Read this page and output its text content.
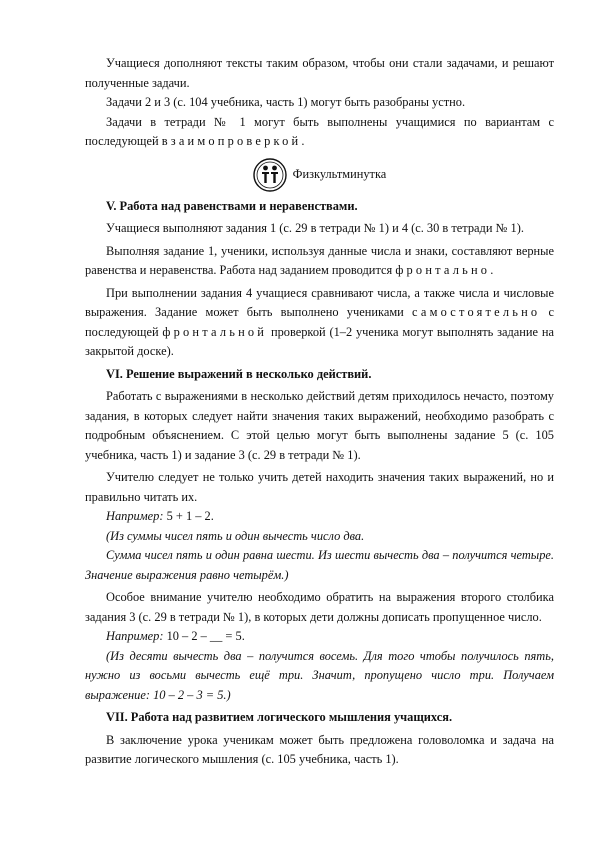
Учащиеся дополняют тексты таким образом, чтобы они стали задачами, и решают полученные задачи.

Задачи 2 и 3 (с. 104 учебника, часть 1) могут быть разобраны устно.

Задачи в тетради № 1 могут быть выполнены учащимися по вариантам с последующей взаимопроверкой.

Физкультминутка

V. Работа над равенствами и неравенствами.

Учащиеся выполняют задания 1 (с. 29 в тетради № 1) и 4 (с. 30 в тетради № 1).

Выполняя задание 1, ученики, используя данные числа и знаки, составляют верные равенства и неравенства. Работа над заданием проводится фронтально.

При выполнении задания 4 учащиеся сравнивают числа, а также числа и числовые выражения. Задание может быть выполнено учениками самостоятельно с последующей фронтальной проверкой (1–2 ученика могут выполнять задание на закрытой доске).

VI. Решение выражений в несколько действий.

Работать с выражениями в несколько действий детям приходилось нечасто, поэтому задания, в которых следует найти значения таких выражений, необходимо разобрать с подробным объяснением. С этой целью могут быть выполнены задание 5 (с. 105 учебника, часть 1) и задание 3 (с. 29 в тетради № 1).

Учителю следует не только учить детей находить значения таких выражений, но и правильно читать их.

Например: 5 + 1 – 2.

(Из суммы чисел пять и один вычесть число два.

Сумма чисел пять и один равна шести. Из шести вычесть два – получится четыре. Значение выражения равно четырём.)

Особое внимание учителю необходимо обратить на выражения второго столбика задания 3 (с. 29 в тетради № 1), в которых дети должны дописать пропущенное число.

Например: 10 – 2 – __ = 5.

(Из десяти вычесть два – получится восемь. Для того чтобы получилось пять, нужно из восьми вычесть ещё три. Значит, пропущено число три. Получаем выражение: 10 – 2 – 3 = 5.)

VII. Работа над развитием логического мышления учащихся.

В заключение урока ученикам может быть предложена головоломка и задача на развитие логического мышления (с. 105 учебника, часть 1).
